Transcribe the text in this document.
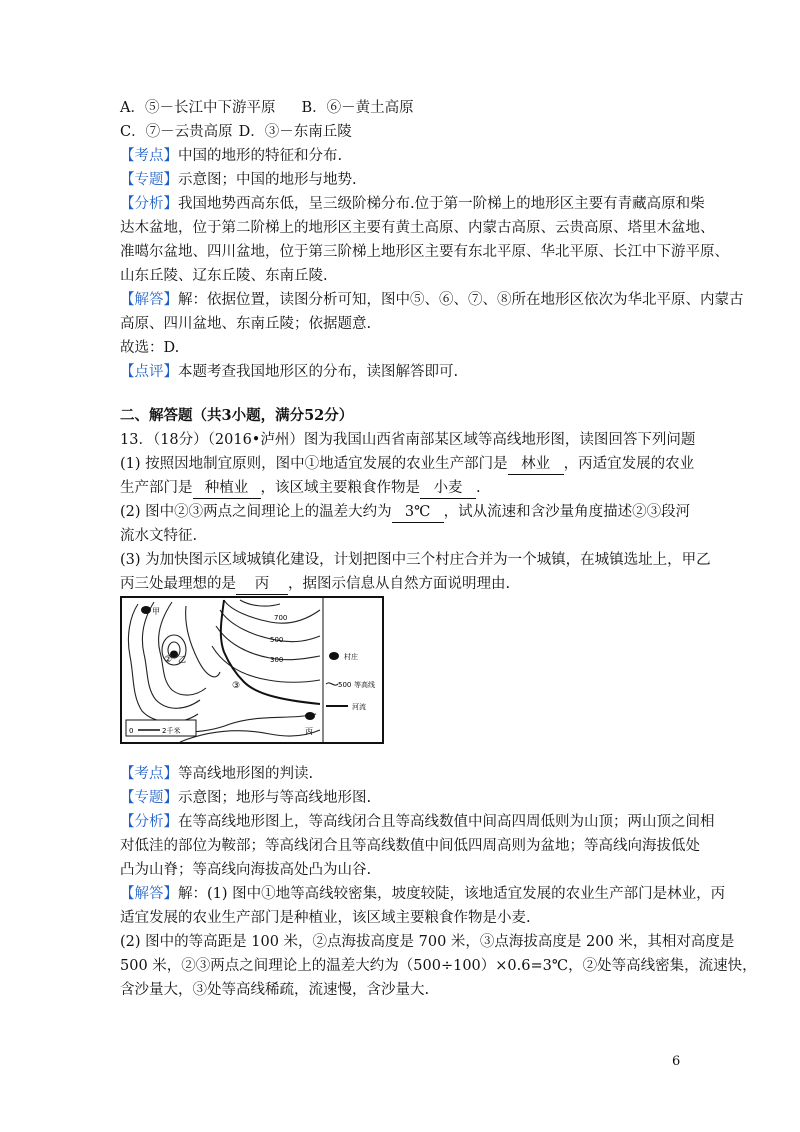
A．⑤－长江中下游平原 B．⑥－黄土高原
C．⑦－云贵高原 D．③－东南丘陵
【考点】中国的地形的特征和分布.
【专题】示意图；中国的地形与地势.
【分析】我国地势西高东低，呈三级阶梯分布.位于第一阶梯上的地形区主要有青藏高原和柴
达木盆地，位于第二阶梯上的地形区主要有黄土高原、内蒙古高原、云贵高原、塔里木盆地、
准噶尔盆地、四川盆地，位于第三阶梯上地形区主要有东北平原、华北平原、长江中下游平原、
山东丘陵、辽东丘陵、东南丘陵.
【解答】解：依据位置，读图分析可知，图中⑤、⑥、⑦、⑧所在地形区依次为华北平原、内蒙古
高原、四川盆地、东南丘陵；依据题意.
故选：D.
【点评】本题考查我国地形区的分布，读图解答即可.
二、解答题（共3小题，满分52分）
13．（18分）（2016•泸州）图为我国山西省南部某区域等高线地形图，读图回答下列问题
(1) 按照因地制宜原则，图中①地适宜发展的农业生产部门是 林业 ，丙适宜发展的农业
生产部门是 种植业 ，该区域主要粮食作物是 小麦 .
(2) 图中②③两点之间理论上的温差大约为 3℃ ，试从流速和含沙量角度描述②③段河
流水文特征.
(3) 为加快图示区域城镇化建设，计划把图中三个村庄合并为一个城镇，在城镇选址上，甲乙
丙三处最理想的是 丙 ，据图示信息从自然方面说明理由.
甲
丙
乙
②
③
700
500
300	村庄
500 等高线
河流
0	2千米
【考点】等高线地形图的判读.
【专题】示意图；地形与等高线地形图.
【分析】在等高线地形图上，等高线闭合且等高线数值中间高四周低则为山顶；两山顶之间相
对低洼的部位为鞍部；等高线闭合且等高线数值中间低四周高则为盆地；等高线向海拔低处
凸为山脊；等高线向海拔高处凸为山谷.
【解答】解：(1) 图中①地等高线较密集，坡度较陡，该地适宜发展的农业生产部门是林业，丙
适宜发展的农业生产部门是种植业，该区域主要粮食作物是小麦.
(2) 图中的等高距是 100 米，②点海拔高度是 700 米，③点海拔高度是 200 米，其相对高度是
500 米，②③两点之间理论上的温差大约为（500÷100）×0.6=3℃，②处等高线密集，流速快，
含沙量大，③处等高线稀疏，流速慢，含沙量大.
6
